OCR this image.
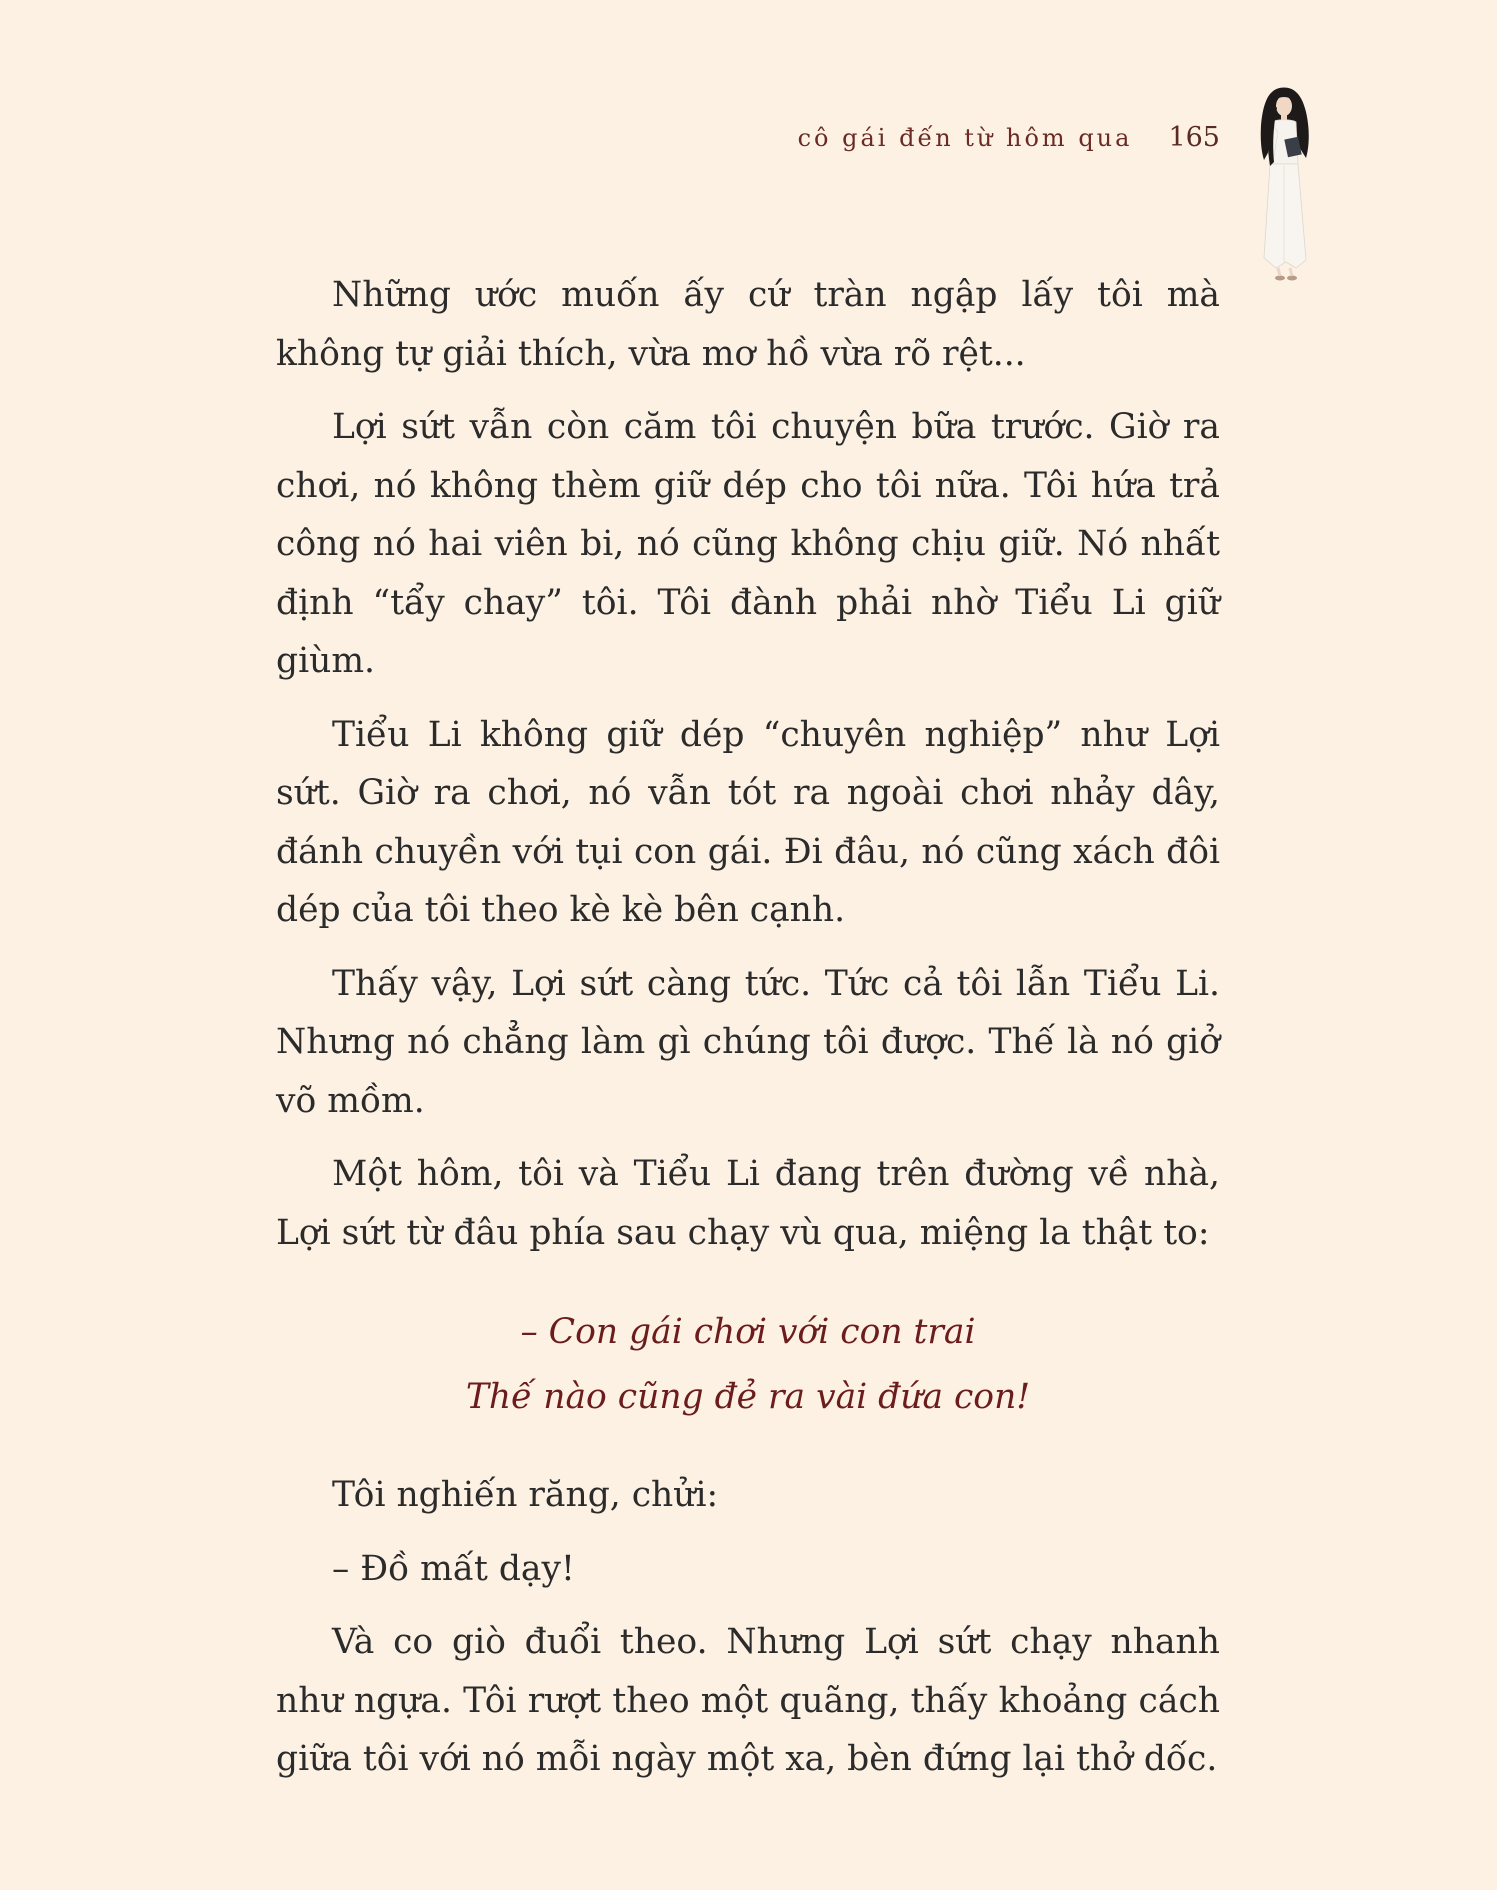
cô gái đến từ hôm qua 165

Những ước muốn ấy cứ tràn ngập lấy tôi mà không tự giải thích, vừa mơ hồ vừa rõ rệt...

Lợi sứt vẫn còn căm tôi chuyện bữa trước. Giờ ra chơi, nó không thèm giữ dép cho tôi nữa. Tôi hứa trả công nó hai viên bi, nó cũng không chịu giữ. Nó nhất định “tẩy chay” tôi. Tôi đành phải nhờ Tiểu Li giữ giùm.

Tiểu Li không giữ dép “chuyên nghiệp” như Lợi sứt. Giờ ra chơi, nó vẫn tót ra ngoài chơi nhảy dây, đánh chuyền với tụi con gái. Đi đâu, nó cũng xách đôi dép của tôi theo kè kè bên cạnh.

Thấy vậy, Lợi sứt càng tức. Tức cả tôi lẫn Tiểu Li. Nhưng nó chẳng làm gì chúng tôi được. Thế là nó giở võ mồm.

Một hôm, tôi và Tiểu Li đang trên đường về nhà, Lợi sứt từ đâu phía sau chạy vù qua, miệng la thật to:

– Con gái chơi với con trai

Thế nào cũng đẻ ra vài đứa con!

Tôi nghiến răng, chửi:

– Đồ mất dạy!

Và co giò đuổi theo. Nhưng Lợi sứt chạy nhanh như ngựa. Tôi rượt theo một quãng, thấy khoảng cách giữa tôi với nó mỗi ngày một xa, bèn đứng lại thở dốc.
